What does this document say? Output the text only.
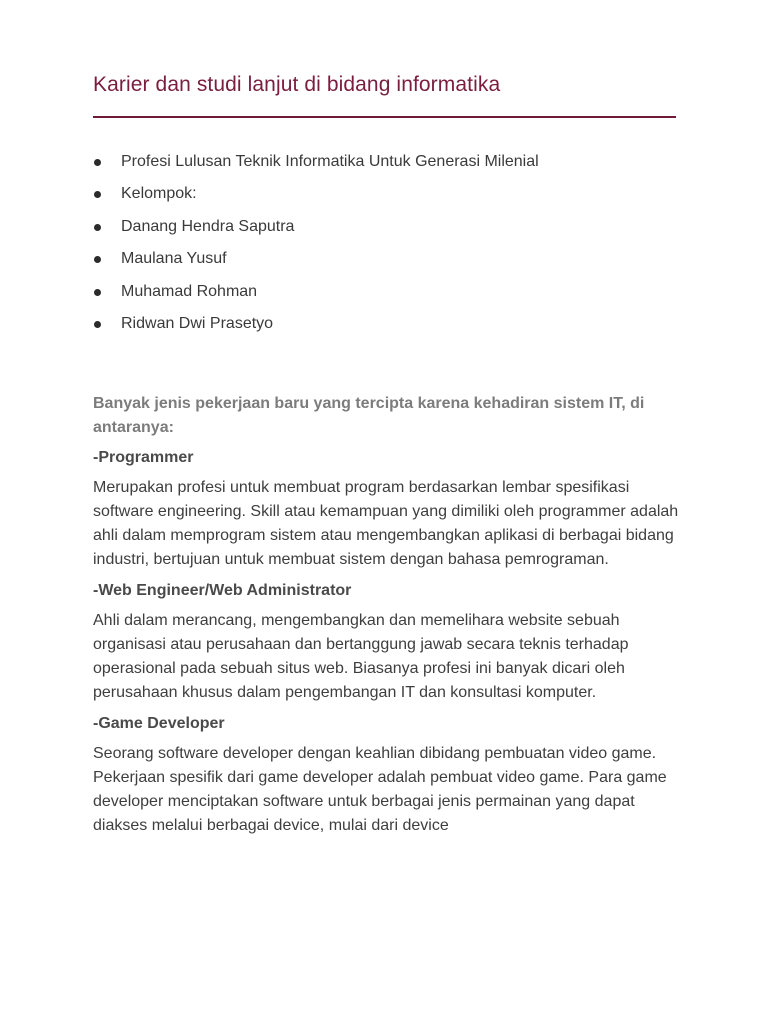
Karier dan studi lanjut di bidang informatika
Profesi Lulusan Teknik Informatika Untuk Generasi Milenial
Kelompok:
Danang Hendra Saputra
Maulana Yusuf
Muhamad Rohman
Ridwan Dwi Prasetyo

Banyak jenis pekerjaan baru yang tercipta karena kehadiran sistem IT, di antaranya:

-Programmer

Merupakan profesi untuk membuat program berdasarkan lembar spesifikasi software engineering. Skill atau kemampuan yang dimiliki oleh programmer adalah ahli dalam memprogram sistem atau mengembangkan aplikasi di berbagai bidang industri, bertujuan untuk membuat sistem dengan bahasa pemrograman.

-Web Engineer/Web Administrator

Ahli dalam merancang, mengembangkan dan memelihara website sebuah organisasi atau perusahaan dan bertanggung jawab secara teknis terhadap operasional pada sebuah situs web. Biasanya profesi ini banyak dicari oleh perusahaan khusus dalam pengembangan IT dan konsultasi komputer.

-Game Developer

Seorang software developer dengan keahlian dibidang pembuatan video game. Pekerjaan spesifik dari game developer adalah pembuat video game. Para game developer menciptakan software untuk berbagai jenis permainan yang dapat diakses melalui berbagai device, mulai dari device
